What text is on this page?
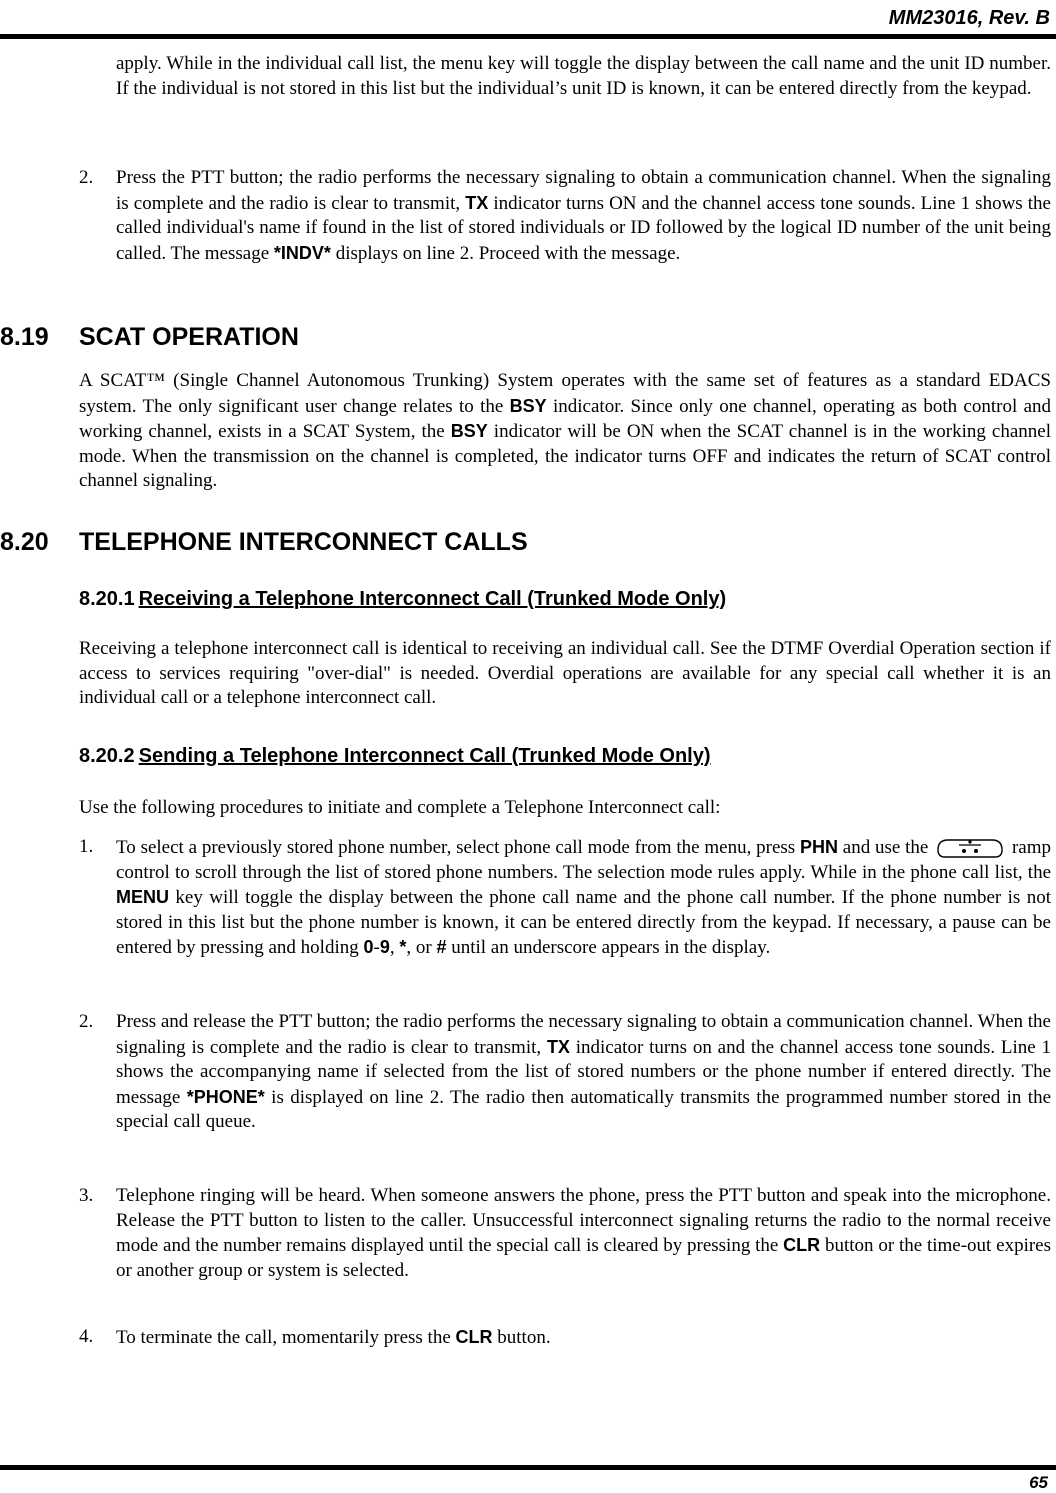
MM23016, Rev. B
apply. While in the individual call list, the menu key will toggle the display between the call name and the unit ID number. If the individual is not stored in this list but the individual’s unit ID is known, it can be entered directly from the keypad.
2. Press the PTT button; the radio performs the necessary signaling to obtain a communication channel. When the signaling is complete and the radio is clear to transmit, TX indicator turns ON and the channel access tone sounds. Line 1 shows the called individual's name if found in the list of stored individuals or ID followed by the logical ID number of the unit being called. The message *INDV* displays on line 2. Proceed with the message.
8.19 SCAT OPERATION
A SCAT™ (Single Channel Autonomous Trunking) System operates with the same set of features as a standard EDACS system. The only significant user change relates to the BSY indicator. Since only one channel, operating as both control and working channel, exists in a SCAT System, the BSY indicator will be ON when the SCAT channel is in the working channel mode. When the transmission on the channel is completed, the indicator turns OFF and indicates the return of SCAT control channel signaling.
8.20 TELEPHONE INTERCONNECT CALLS
8.20.1 Receiving a Telephone Interconnect Call (Trunked Mode Only)
Receiving a telephone interconnect call is identical to receiving an individual call. See the DTMF Overdial Operation section if access to services requiring "over-dial" is needed. Overdial operations are available for any special call whether it is an individual call or a telephone interconnect call.
8.20.2 Sending a Telephone Interconnect Call (Trunked Mode Only)
Use the following procedures to initiate and complete a Telephone Interconnect call:
1. To select a previously stored phone number, select phone call mode from the menu, press PHN and use the	ramp control to scroll through the list of stored phone numbers. The selection mode rules apply. While in the phone call list, the MENU key will toggle the display between the phone call name and the phone call number. If the phone number is not stored in this list but the phone number is known, it can be entered directly from the keypad. If necessary, a pause can be entered by pressing and holding 0-9, *, or # until an underscore appears in the display.
2. Press and release the PTT button; the radio performs the necessary signaling to obtain a communication channel. When the signaling is complete and the radio is clear to transmit, TX indicator turns on and the channel access tone sounds. Line 1 shows the accompanying name if selected from the list of stored numbers or the phone number if entered directly. The message *PHONE* is displayed on line 2. The radio then automatically transmits the programmed number stored in the special call queue.
3. Telephone ringing will be heard. When someone answers the phone, press the PTT button and speak into the microphone. Release the PTT button to listen to the caller. Unsuccessful interconnect signaling returns the radio to the normal receive mode and the number remains displayed until the special call is cleared by pressing the CLR button or the time-out expires or another group or system is selected.
4. To terminate the call, momentarily press the CLR button.
65
